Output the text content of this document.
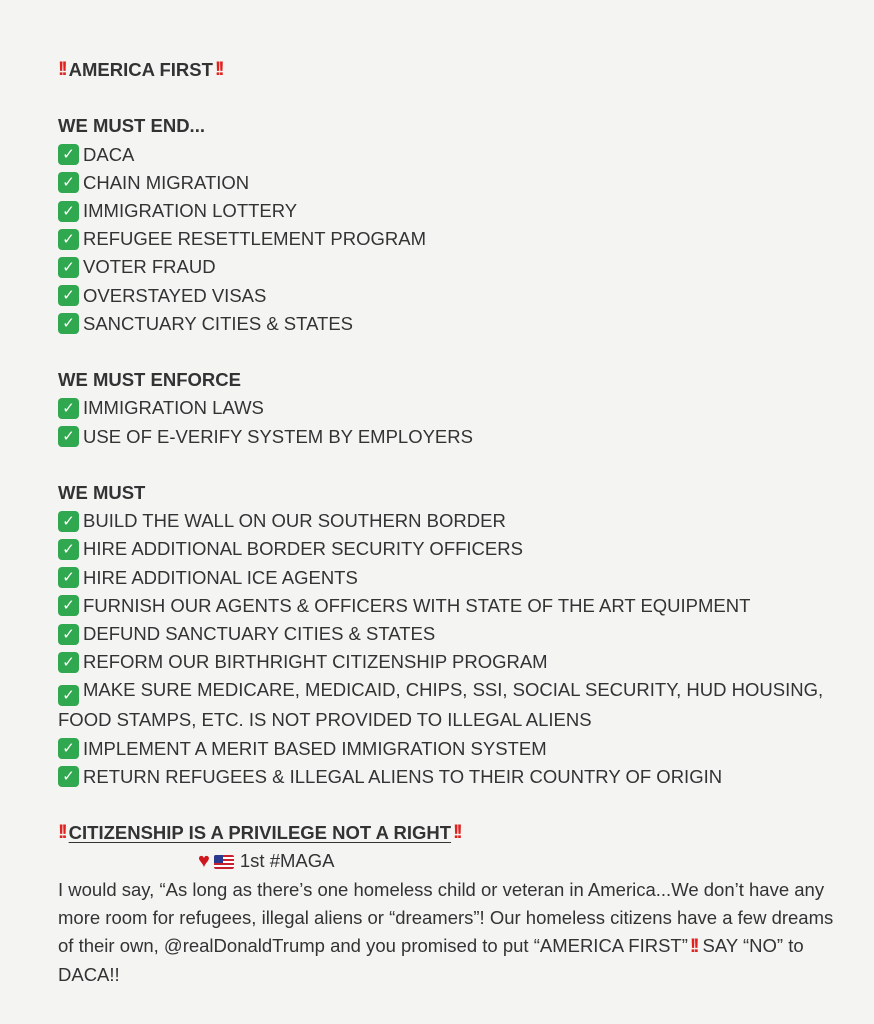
!! AMERICA FIRST !!
WE MUST END...
✓ DACA
✓ CHAIN MIGRATION
✓ IMMIGRATION LOTTERY
✓ REFUGEE RESETTLEMENT PROGRAM
✓ VOTER FRAUD
✓ OVERSTAYED VISAS
✓ SANCTUARY CITIES & STATES
WE MUST ENFORCE
✓ IMMIGRATION LAWS
✓ USE OF E-VERIFY SYSTEM BY EMPLOYERS
WE MUST
✓ BUILD THE WALL ON OUR SOUTHERN BORDER
✓ HIRE ADDITIONAL BORDER SECURITY OFFICERS
✓ HIRE ADDITIONAL ICE AGENTS
✓ FURNISH OUR AGENTS & OFFICERS WITH STATE OF THE ART EQUIPMENT
✓ DEFUND SANCTUARY CITIES & STATES
✓ REFORM OUR BIRTHRIGHT CITIZENSHIP PROGRAM
✓ MAKE SURE MEDICARE, MEDICAID, CHIPS, SSI, SOCIAL SECURITY, HUD HOUSING, FOOD STAMPS, ETC. IS NOT PROVIDED TO ILLEGAL ALIENS
✓ IMPLEMENT A MERIT BASED IMMIGRATION SYSTEM
✓ RETURN REFUGEES & ILLEGAL ALIENS TO THEIR COUNTRY OF ORIGIN
!! CITIZENSHIP IS A PRIVILEGE NOT A RIGHT !!
♥ 1st #MAGA
I would say, “As long as there’s one homeless child or veteran in America...We don’t have any more room for refugees, illegal aliens or “dreamers”! Our homeless citizens have a few dreams of their own, @realDonaldTrump and you promised to put “AMERICA FIRST” !! SAY “NO” to DACA!!
